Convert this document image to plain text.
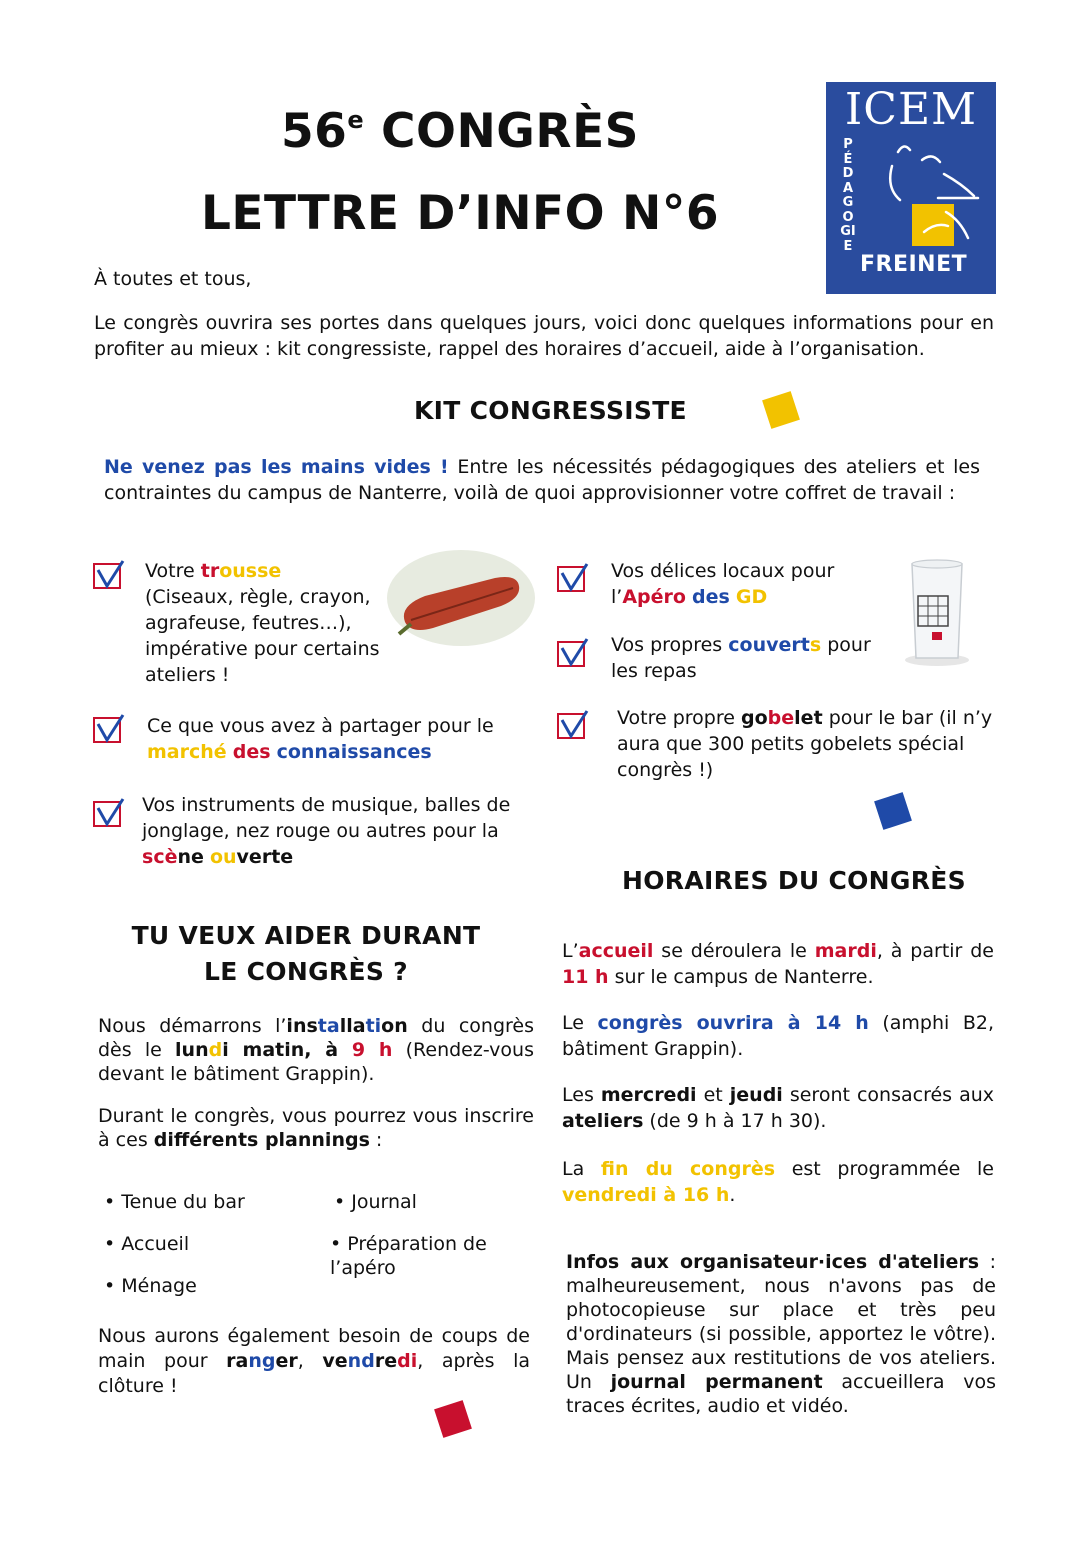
56e CONGRÈS
LETTRE D’INFO N°6
ICEM
PÉDAGOGIE
FREINET
À toutes et tous,
Le congrès ouvrira ses portes dans quelques jours, voici donc quelques informations pour en profiter au mieux : kit congressiste, rappel des horaires d’accueil, aide à l’organisation.
KIT CONGRESSISTE
Ne venez pas les mains vides ! Entre les nécessités pédagogiques des ateliers et les contraintes du campus de Nanterre, voilà de quoi approvisionner votre coffret de travail :
Votre trousse
(Ciseaux, règle, crayon, agrafeuse, feutres…), impérative pour certains ateliers !
Ce que vous avez à partager pour le marché des connaissances
Vos instruments de musique, balles de jonglage, nez rouge ou autres pour la scène ouverte
Vos délices locaux pour l’Apéro des GD
Vos propres couverts pour les repas
Votre propre gobelet pour le bar (il n’y aura que 300 petits gobelets spécial congrès !)
TU VEUX AIDER DURANT
LE CONGRÈS ?
Nous démarrons l’installation du congrès dès le lundi matin, à 9 h (Rendez-vous devant le bâtiment Grappin).
Durant le congrès, vous pourrez vous inscrire à ces différents plannings :
• Tenue du bar	• Journal
• Accueil	• Préparation de l’apéro
• Ménage
Nous aurons également besoin de coups de main pour ranger, vendredi, après la clôture !
HORAIRES DU CONGRÈS
L’accueil se déroulera le mardi, à partir de 11 h sur le campus de Nanterre.
Le congrès ouvrira à 14 h (amphi B2, bâtiment Grappin).
Les mercredi et jeudi seront consacrés aux ateliers (de 9 h à 17 h 30).
La fin du congrès est programmée le vendredi à 16 h.
Infos aux organisateur·ices d'ateliers : malheureusement, nous n'avons pas de photocopieuse sur place et très peu d'ordinateurs (si possible, apportez le vôtre). Mais pensez aux restitutions de vos ateliers. Un journal permanent accueillera vos traces écrites, audio et vidéo.
